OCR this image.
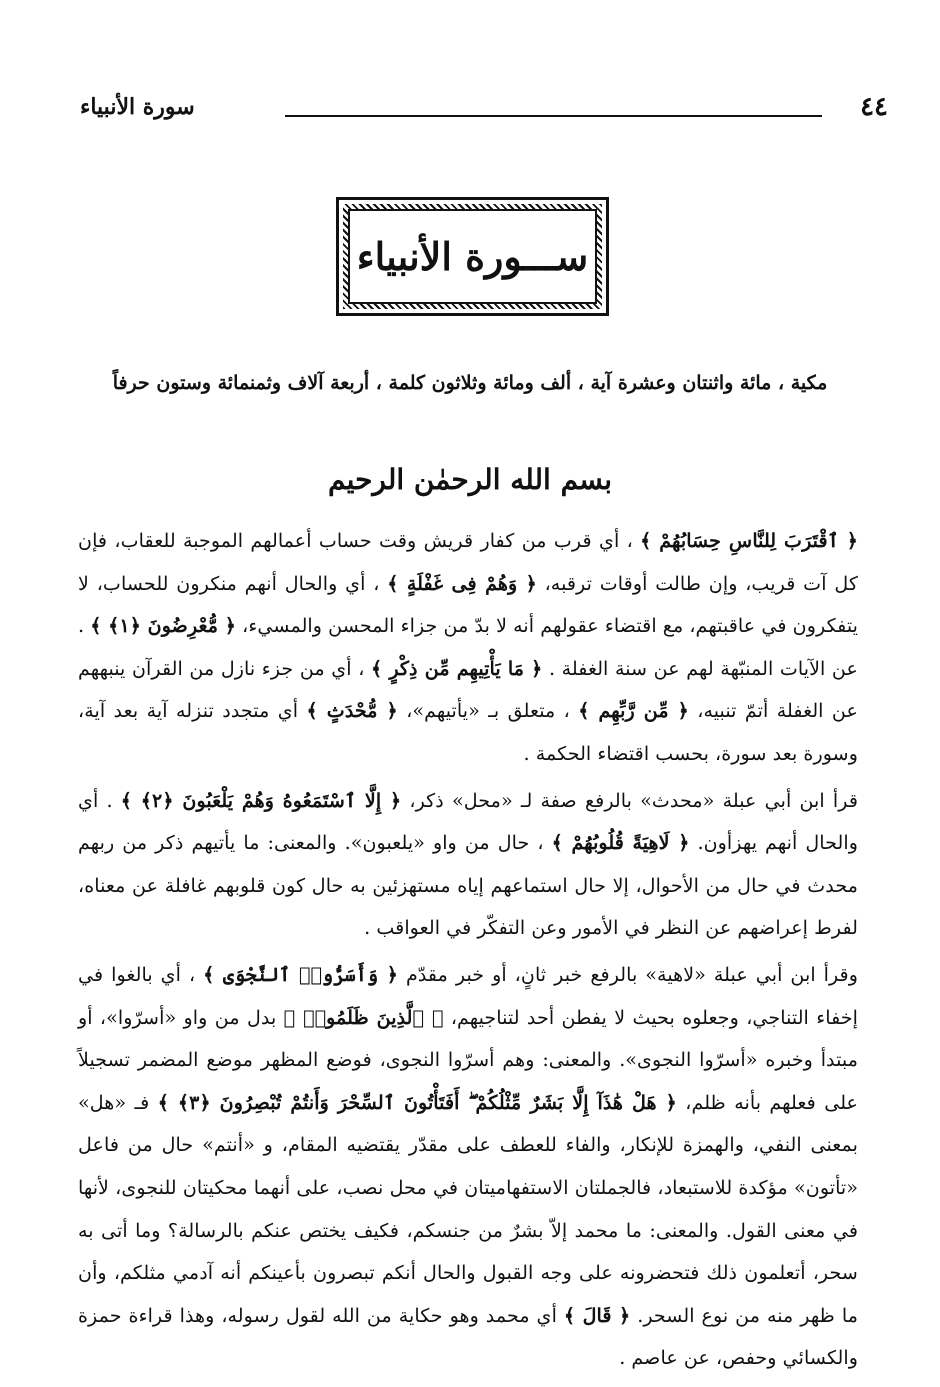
٤٤
سورة الأنبياء
ســـورة الأنبياء
مكية ، مائة واثنتان وعشرة آية ، ألف ومائة وثلاثون كلمة ، أربعة آلاف وثمنمائة وستون حرفاً
بسم الله الرحمٰن الرحيم

﴿ ٱقْتَرَبَ لِلنَّاسِ حِسَابُهُمْ ﴾ ، أي قرب من كفار قريش وقت حساب أعمالهم الموجبة للعقاب، فإن كل آت قريب، وإن طالت أوقات ترقبه، ﴿ وَهُمْ فِى غَفْلَةٍ ﴾ ، أي والحال أنهم منكرون للحساب، لا يتفكرون في عاقبتهم، مع اقتضاء عقولهم أنه لا بدّ من جزاء المحسن والمسيء، ﴿ مُّعْرِضُونَ ﴿١﴾ ﴾ . عن الآيات المنبّهة لهم عن سنة الغفلة . ﴿ مَا يَأْتِيهِم مِّن ذِكْرٍ ﴾ ، أي من جزء نازل من القرآن ينبههم عن الغفلة أتمّ تنبيه، ﴿ مِّن رَّبِّهِم ﴾ ، متعلق بـ «يأتيهم»، ﴿ مُّحْدَثٍ ﴾ أي متجدد تنزله آية بعد آية، وسورة بعد سورة، بحسب اقتضاء الحكمة .

قرأ ابن أبي عبلة «محدث» بالرفع صفة لـ «محل» ذكر، ﴿ إِلَّا ٱسْتَمَعُوهُ وَهُمْ يَلْعَبُونَ ﴿٢﴾ ﴾ . أي والحال أنهم يهزأون. ﴿ لَاهِيَةً قُلُوبُهُمْ ﴾ ، حال من واو «يلعبون». والمعنى: ما يأتيهم ذكر من ربهم محدث في حال من الأحوال، إلا حال استماعهم إياه مستهزئين به حال كون قلوبهم غافلة عن معناه، لفرط إعراضهم عن النظر في الأمور وعن التفكّر في العواقب .

وقرأ ابن أبي عبلة «لاهية» بالرفع خبر ثانٍ، أو خبر مقدّم ﴿ وَأَسَرُّوا۟ ٱلنَّجْوَى ﴾ ، أي بالغوا في إخفاء التناجي، وجعلوه بحيث لا يفطن أحد لتناجيهم، ﴿ ٱلَّذِينَ ظَلَمُوا۟ ﴾ بدل من واو «أسرّوا»، أو مبتدأ وخبره «أسرّوا النجوى». والمعنى: وهم أسرّوا النجوى، فوضع المظهر موضع المضمر تسجيلاً على فعلهم بأنه ظلم، ﴿ هَلْ هَٰذَآ إِلَّا بَشَرٌ مِّثْلُكُمْ ۖ أَفَتَأْتُونَ ٱلسِّحْرَ وَأَنتُمْ تُبْصِرُونَ ﴿٣﴾ ﴾ فـ «هل» بمعنى النفي، والهمزة للإنكار، والفاء للعطف على مقدّر يقتضيه المقام، و «أنتم» حال من فاعل «تأتون» مؤكدة للاستبعاد، فالجملتان الاستفهاميتان في محل نصب، على أنهما محكيتان للنجوى، لأنها في معنى القول. والمعنى: ما محمد إلاّ بشرٌ من جنسكم، فكيف يختص عنكم بالرسالة؟ وما أتى به سحر، أتعلمون ذلك فتحضرونه على وجه القبول والحال أنكم تبصرون بأعينكم أنه آدمي مثلكم، وأن ما ظهر منه من نوع السحر. ﴿ قَالَ ﴾ أي محمد وهو حكاية من الله لقول رسوله، وهذا قراءة حمزة والكسائي وحفص، عن عاصم .
